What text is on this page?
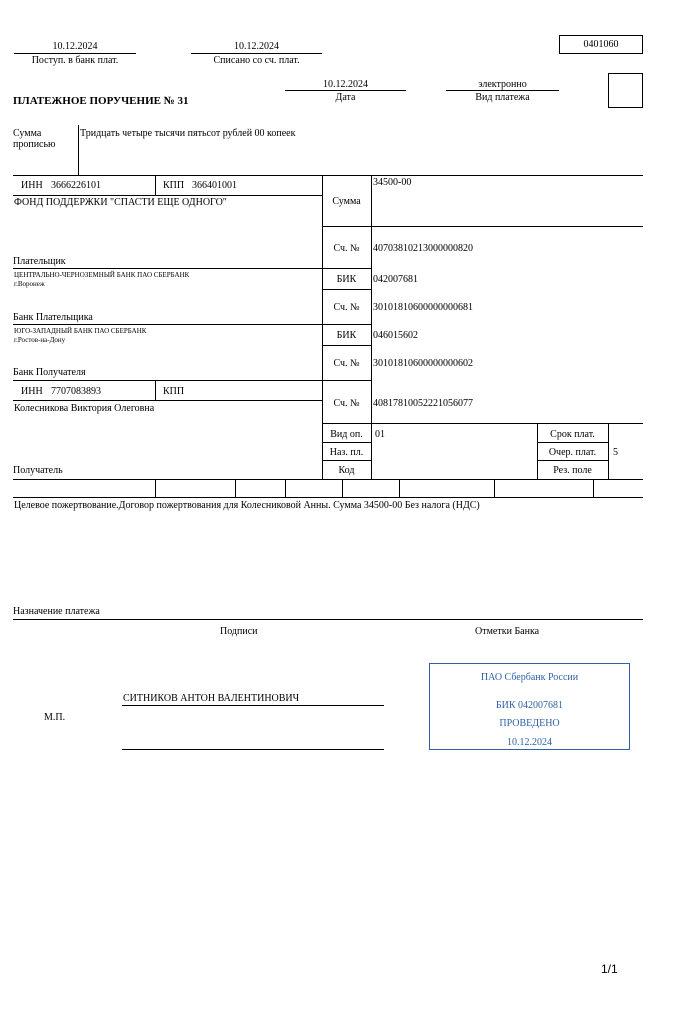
10.12.2024
Поступ. в банк плат.
10.12.2024
Списано со сч. плат.
0401060
ПЛАТЕЖНОЕ ПОРУЧЕНИЕ № 31
10.12.2024
Дата
электронно
Вид платежа
Сумма
прописью
Тридцать четыре тысячи пятьсот рублей 00 копеек
ИНН 3666226101	КПП 366401001
ФОНД ПОДДЕРЖКИ "СПАСТИ ЕЩЕ ОДНОГО"
Плательщик
Сумма
34500-00
Сч. №	40703810213000000820
ЦЕНТРАЛЬНО-ЧЕРНОЗЕМНЫЙ БАНК ПАО СБЕРБАНК
г.Воронеж
Банк Плательщика
БИК	042007681
Сч. №	30101810600000000681
ЮГО-ЗАПАДНЫЙ БАНК ПАО СБЕРБАНК
г.Ростов-на-Дону
Банк Получателя
БИК	046015602
Сч. №	30101810600000000602
ИНН 7707083893	КПП
Колесникова Виктория Олеговна
Получатель
Сч. №	40817810052221056077
Вид оп.	01
Наз. пл.
Код
Срок плат.
Очер. плат.	5
Рез. поле
Целевое пожертвование.Договор пожертвования для Колесниковой Анны. Сумма 34500-00 Без налога (НДС)
Назначение платежа
Подписи	Отметки Банка
М.П.
СИТНИКОВ АНТОН ВАЛЕНТИНОВИЧ
ПАО Сбербанк России
БИК 042007681
ПРОВЕДЕНО
10.12.2024
1/1
